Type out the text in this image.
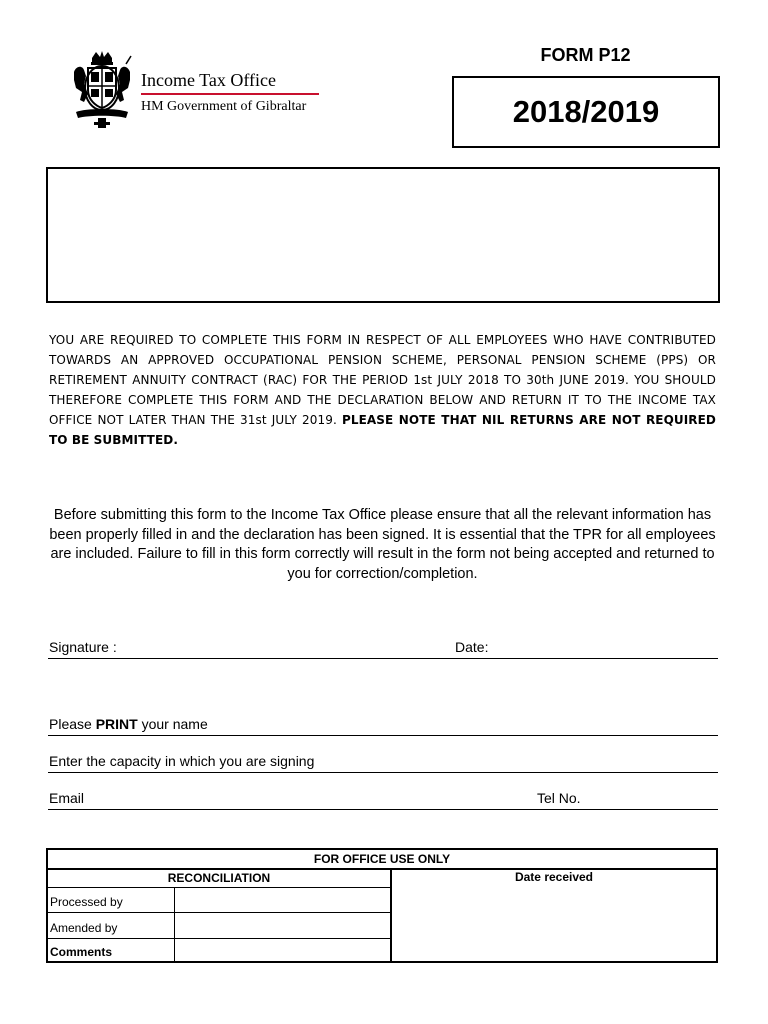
Income Tax Office
HM Government of Gibraltar
FORM P12
2018/2019
YOU ARE REQUIRED TO COMPLETE THIS FORM IN RESPECT OF ALL EMPLOYEES WHO HAVE CONTRIBUTED TOWARDS AN APPROVED OCCUPATIONAL PENSION SCHEME, PERSONAL PENSION SCHEME (PPS) OR RETIREMENT ANNUITY CONTRACT (RAC) FOR THE PERIOD 1st JULY 2018 TO 30th JUNE 2019. YOU SHOULD THEREFORE COMPLETE THIS FORM AND THE DECLARATION BELOW AND RETURN IT TO THE INCOME TAX OFFICE NOT LATER THAN THE 31st JULY 2019. PLEASE NOTE THAT NIL RETURNS ARE NOT REQUIRED TO BE SUBMITTED.
Before submitting this form to the Income Tax Office please ensure that all the relevant information has been properly filled in and the declaration has been signed. It is essential that the TPR for all employees are included. Failure to fill in this form correctly will result in the form not being accepted and returned to you for correction/completion.
Signature :	Date:
Please PRINT your name
Enter the capacity in which you are signing
Email	Tel No.
FOR OFFICE USE ONLY
RECONCILIATION
Processed by
Amended by
Comments
Date received
